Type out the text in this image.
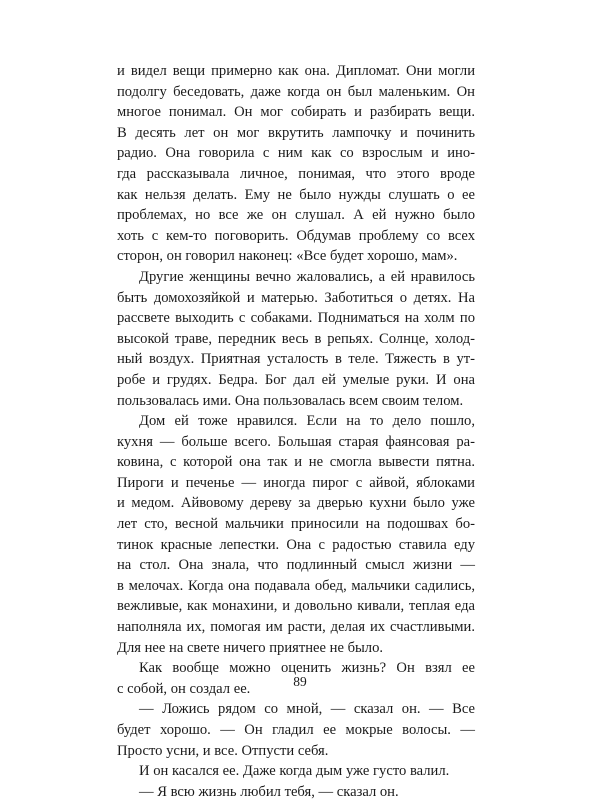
и видел вещи примерно как она. Дипломат. Они могли
подолгу беседовать, даже когда он был маленьким. Он
многое понимал. Он мог собирать и разбирать вещи.
В десять лет он мог вкрутить лампочку и починить
радио. Она говорила с ним как со взрослым и ино-
гда рассказывала личное, понимая, что этого вроде
как нельзя делать. Ему не было нужды слушать о ее
проблемах, но все же он слушал. А ей нужно было
хоть с кем-то поговорить. Обдумав проблему со всех
сторон, он говорил наконец: «Все будет хорошо, мам».
Другие женщины вечно жаловались, а ей нравилось
быть домохозяйкой и матерью. Заботиться о детях. На
рассвете выходить с собаками. Подниматься на холм по
высокой траве, передник весь в репьях. Солнце, холод-
ный воздух. Приятная усталость в теле. Тяжесть в ут-
робе и грудях. Бедра. Бог дал ей умелые руки. И она
пользовалась ими. Она пользовалась всем своим телом.
Дом ей тоже нравился. Если на то дело пошло,
кухня — больше всего. Большая старая фаянсовая ра-
ковина, с которой она так и не смогла вывести пятна.
Пироги и печенье — иногда пирог с айвой, яблоками
и медом. Айвовому дереву за дверью кухни было уже
лет сто, весной мальчики приносили на подошвах бо-
тинок красные лепестки. Она с радостью ставила еду
на стол. Она знала, что подлинный смысл жизни —
в мелочах. Когда она подавала обед, мальчики садились,
вежливые, как монахини, и довольно кивали, теплая еда
наполняла их, помогая им расти, делая их счастливыми.
Для нее на свете ничего приятнее не было.
Как вообще можно оценить жизнь? Он взял ее
с собой, он создал ее.
— Ложись рядом со мной, — сказал он. — Все
будет хорошо. — Он гладил ее мокрые волосы. —
Просто усни, и все. Отпусти себя.
И он касался ее. Даже когда дым уже густо валил.
— Я всю жизнь любил тебя, — сказал он.
89
